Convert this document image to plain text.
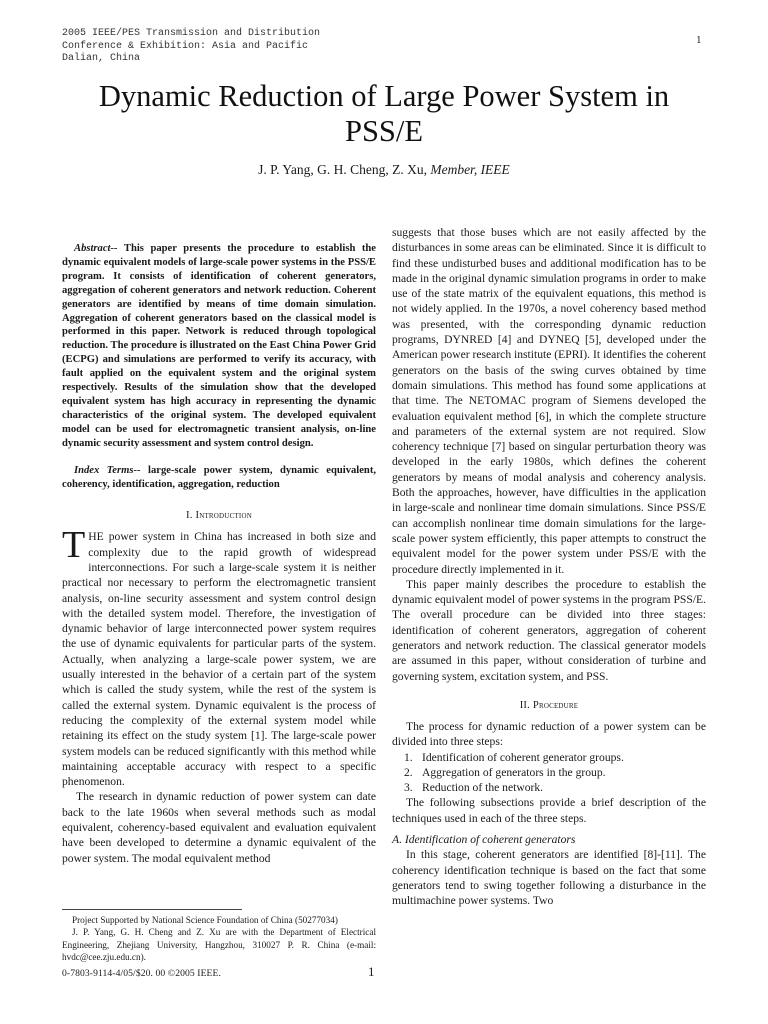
2005 IEEE/PES Transmission and Distribution
Conference & Exhibition: Asia and Pacific
Dalian, China
1
Dynamic Reduction of Large Power System in PSS/E
J. P. Yang, G. H. Cheng, Z. Xu, Member, IEEE

Abstract-- This paper presents the procedure to establish the dynamic equivalent models of large-scale power systems in the PSS/E program. It consists of identification of coherent generators, aggregation of coherent generators and network reduction. Coherent generators are identified by means of time domain simulation. Aggregation of coherent generators based on the classical model is performed in this paper. Network is reduced through topological reduction. The procedure is illustrated on the East China Power Grid (ECPG) and simulations are performed to verify its accuracy, with fault applied on the equivalent system and the original system respectively. Results of the simulation show that the developed equivalent system has high accuracy in representing the dynamic characteristics of the original system. The developed equivalent model can be used for electromagnetic transient analysis, on-line dynamic security assessment and system control design.

Index Terms-- large-scale power system, dynamic equivalent, coherency, identification, aggregation, reduction

I. Introduction

THE power system in China has increased in both size and complexity due to the rapid growth of widespread interconnections. For such a large-scale system it is neither practical nor necessary to perform the electromagnetic transient analysis, on-line security assessment and system control design with the detailed system model. Therefore, the investigation of dynamic behavior of large interconnected power system requires the use of dynamic equivalents for particular parts of the system. Actually, when analyzing a large-scale power system, we are usually interested in the behavior of a certain part of the system which is called the study system, while the rest of the system is called the external system. Dynamic equivalent is the process of reducing the complexity of the external system model while retaining its effect on the study system [1]. The large-scale power system models can be reduced significantly with this method while maintaining acceptable accuracy with respect to a specific phenomenon.

The research in dynamic reduction of power system can date back to the late 1960s when several methods such as modal equivalent, coherency-based equivalent and evaluation equivalent have been developed to determine a dynamic equivalent of the power system. The modal equivalent method

suggests that those buses which are not easily affected by the disturbances in some areas can be eliminated. Since it is difficult to find these undisturbed buses and additional modification has to be made in the original dynamic simulation programs in order to make use of the state matrix of the equivalent equations, this method is not widely applied. In the 1970s, a novel coherency based method was presented, with the corresponding dynamic reduction programs, DYNRED [4] and DYNEQ [5], developed under the American power research institute (EPRI). It identifies the coherent generators on the basis of the swing curves obtained by time domain simulations. This method has found some applications at that time. The NETOMAC program of Siemens developed the evaluation equivalent method [6], in which the complete structure and parameters of the external system are not required. Slow coherency technique [7] based on singular perturbation theory was developed in the early 1980s, which defines the coherent generators by means of modal analysis and coherency analysis. Both the approaches, however, have difficulties in the application in large-scale and nonlinear time domain simulations. Since PSS/E can accomplish nonlinear time domain simulations for the large-scale power system efficiently, this paper attempts to construct the equivalent model for the power system under PSS/E with the procedure directly implemented in it.

This paper mainly describes the procedure to establish the dynamic equivalent model of power systems in the program PSS/E. The overall procedure can be divided into three stages: identification of coherent generators, aggregation of coherent generators and network reduction. The classical generator models are assumed in this paper, without consideration of turbine and governing system, excitation system, and PSS.

II. Procedure

The process for dynamic reduction of a power system can be divided into three steps:

1. Identification of coherent generator groups.
2. Aggregation of generators in the group.
3. Reduction of the network.

The following subsections provide a brief description of the techniques used in each of the three steps.

A. Identification of coherent generators

In this stage, coherent generators are identified [8]-[11]. The coherency identification technique is based on the fact that some generators tend to swing together following a disturbance in the multimachine power systems. Two

Project Supported by National Science Foundation of China (50277034)

J. P. Yang, G. H. Cheng and Z. Xu are with the Department of Electrical Engineering, Zhejiang University, Hangzhou, 310027 P. R. China (e-mail: hvdc@cee.zju.edu.cn).

0-7803-9114-4/05/$20. 00 ©2005 IEEE.	1
